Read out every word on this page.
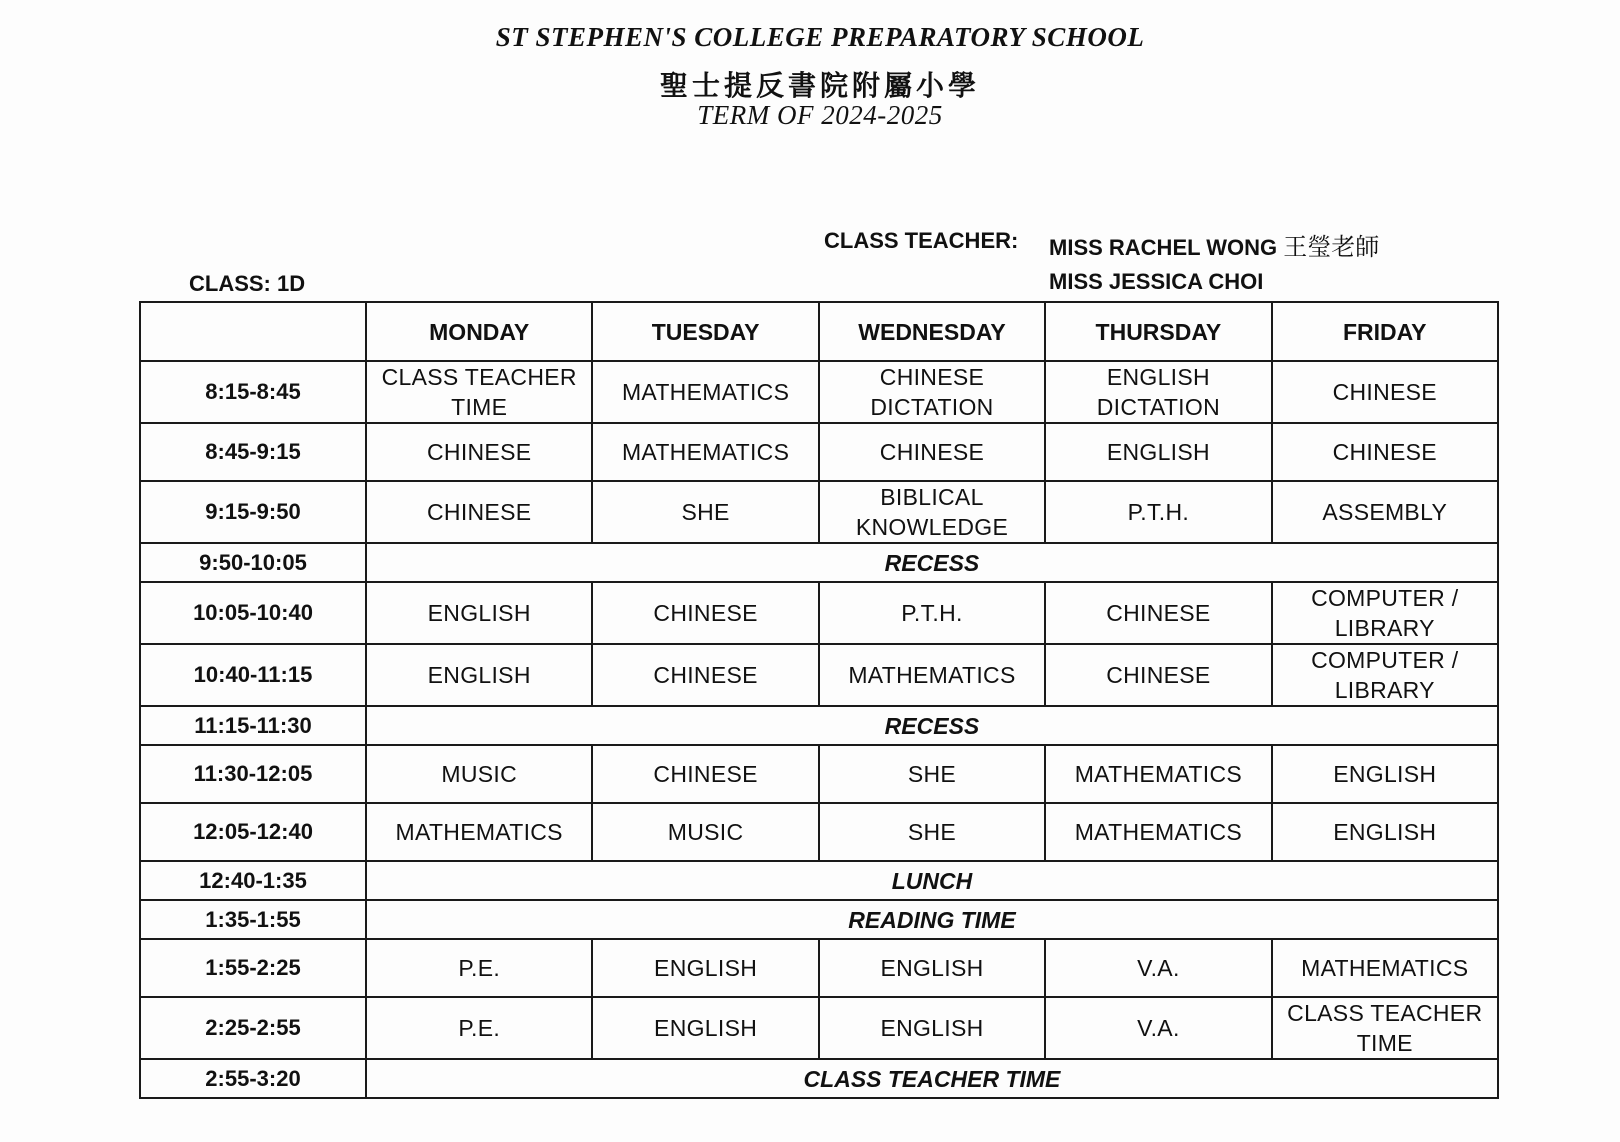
ST STEPHEN'S COLLEGE PREPARATORY SCHOOL
聖士提反書院附屬小學
TERM OF 2024-2025
CLASS TEACHER: MISS RACHEL WONG 王瑩老師
MISS JESSICA CHOI
CLASS: 1D
	MONDAY	TUESDAY	WEDNESDAY	THURSDAY	FRIDAY
8:15-8:45	CLASS TEACHER TIME	MATHEMATICS	CHINESE DICTATION	ENGLISH DICTATION	CHINESE
8:45-9:15	CHINESE	MATHEMATICS	CHINESE	ENGLISH	CHINESE
9:15-9:50	CHINESE	SHE	BIBLICAL KNOWLEDGE	P.T.H.	ASSEMBLY
9:50-10:05	RECESS				
10:05-10:40	ENGLISH	CHINESE	P.T.H.	CHINESE	COMPUTER / LIBRARY
10:40-11:15	ENGLISH	CHINESE	MATHEMATICS	CHINESE	COMPUTER / LIBRARY
11:15-11:30	RECESS				
11:30-12:05	MUSIC	CHINESE	SHE	MATHEMATICS	ENGLISH
12:05-12:40	MATHEMATICS	MUSIC	SHE	MATHEMATICS	ENGLISH
12:40-1:35	LUNCH				
1:35-1:55	READING TIME				
1:55-2:25	P.E.	ENGLISH	ENGLISH	V.A.	MATHEMATICS
2:25-2:55	P.E.	ENGLISH	ENGLISH	V.A.	CLASS TEACHER TIME
2:55-3:20	CLASS TEACHER TIME				
